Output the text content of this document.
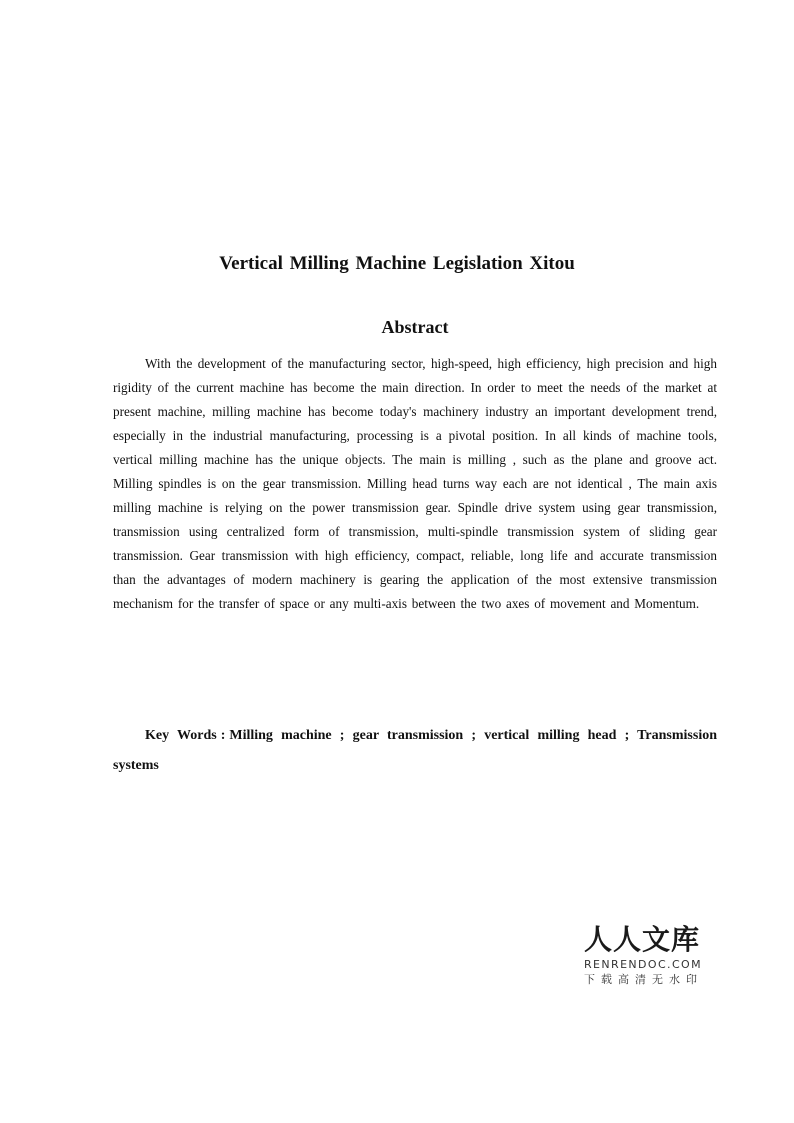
Vertical Milling Machine Legislation Xitou
Abstract

With the development of the manufacturing sector, high-speed, high efficiency, high precision and high rigidity of the current machine has become the main direction. In order to meet the needs of the market at present machine, milling machine has become today's machinery industry an important development trend, especially in the industrial manufacturing, processing is a pivotal position. In all kinds of machine tools, vertical milling machine has the unique objects. The main is milling , such as the plane and groove act. Milling spindles is on the gear transmission. Milling head turns way each are not identical , The main axis milling machine is relying on the power transmission gear. Spindle drive system using gear transmission, transmission using centralized form of transmission, multi-spindle transmission system of sliding gear transmission. Gear transmission with high efficiency, compact, reliable, long life and accurate transmission than the advantages of modern machinery is gearing the application of the most extensive transmission mechanism for the transfer of space or any multi-axis between the two axes of movement and Momentum.

Key Words : Milling machine ; gear transmission ; vertical milling head ; Transmission systems

人人文库
RENRENDOC.COM
下载高清无水印
